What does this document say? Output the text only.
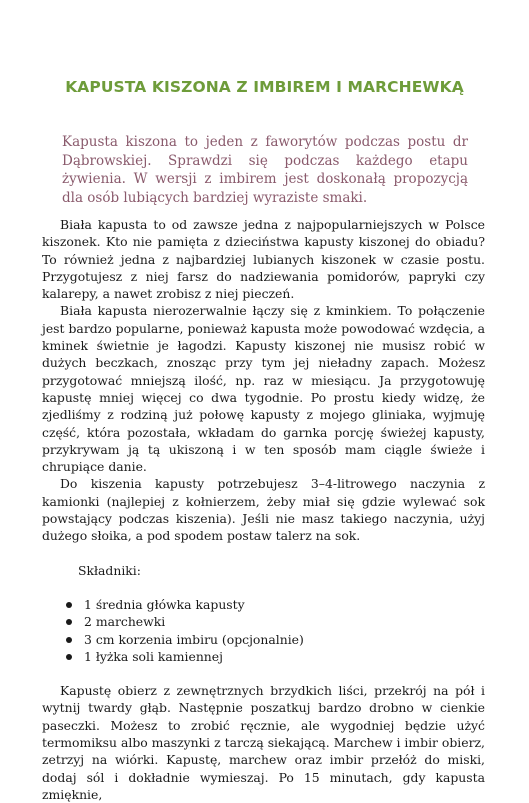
KAPUSTA KISZONA Z IMBIREM I MARCHEWKĄ

Kapusta kiszona to jeden z faworytów podczas postu dr Dąbrowskiej. Sprawdzi się podczas każdego etapu żywienia. W wersji z imbirem jest doskonałą propozycją dla osób lubiących bardziej wyraziste smaki.

Biała kapusta to od zawsze jedna z najpopularniejszych w Polsce kiszonek. Kto nie pamięta z dzieciństwa kapusty kiszonej do obiadu? To również jedna z najbardziej lubianych kiszonek w czasie postu. Przygotujesz z niej farsz do nadziewania pomidorów, papryki czy kalarepy, a nawet zrobisz z niej pieczeń.

Biała kapusta nierozerwalnie łączy się z kminkiem. To połączenie jest bardzo popularne, ponieważ kapusta może powodować wzdęcia, a kminek świetnie je łagodzi. Kapusty kiszonej nie musisz robić w dużych beczkach, znosząc przy tym jej nieładny zapach. Możesz przygotować mniejszą ilość, np. raz w miesiącu. Ja przygotowuję kapustę mniej więcej co dwa tygodnie. Po prostu kiedy widzę, że zjedliśmy z rodziną już połowę kapusty z mojego gliniaka, wyjmuję część, która pozostała, wkładam do garnka porcję świeżej kapusty, przykrywam ją tą ukiszoną i w ten sposób mam ciągle świeże i chrupiące danie.

Do kiszenia kapusty potrzebujesz 3–4-litrowego naczynia z kamionki (najlepiej z kołnierzem, żeby miał się gdzie wylewać sok powstający podczas kiszenia). Jeśli nie masz takiego naczynia, użyj dużego słoika, a pod spodem postaw talerz na sok.

Składniki:

1 średnia główka kapusty
2 marchewki
3 cm korzenia imbiru (opcjonalnie)
1 łyżka soli kamiennej

Kapustę obierz z zewnętrznych brzydkich liści, przekrój na pół i wytnij twardy głąb. Następnie poszatkuj bardzo drobno w cienkie paseczki. Możesz to zrobić ręcznie, ale wygodniej będzie użyć termomiksu albo maszynki z tarczą siekającą. Marchew i imbir obierz, zetrzyj na wiórki. Kapustę, marchew oraz imbir przełóż do miski, dodaj sól i dokładnie wymieszaj. Po 15 minutach, gdy kapusta zmięknie,
